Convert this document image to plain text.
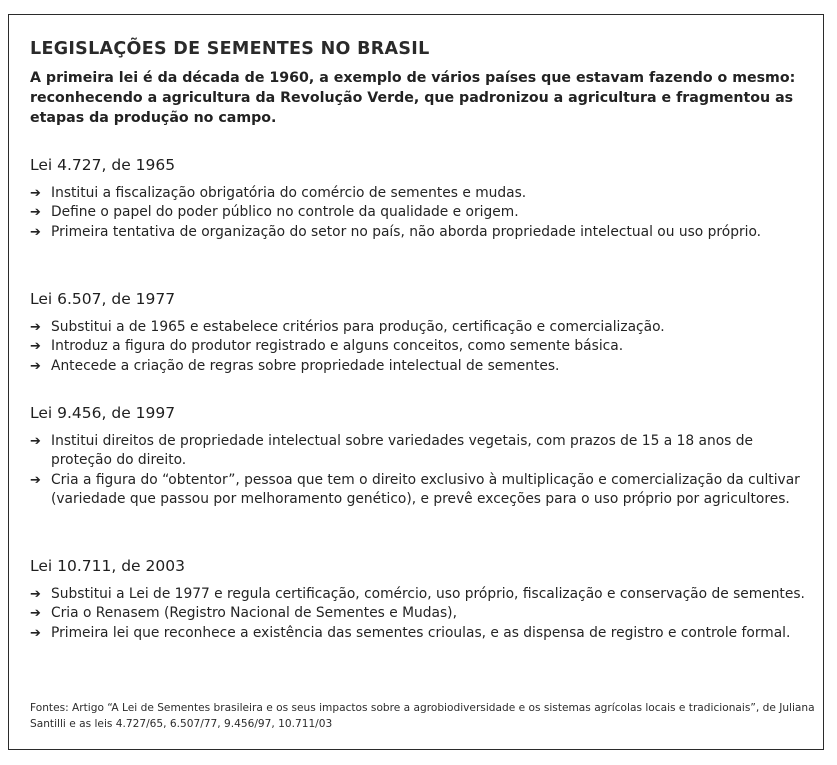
LEGISLAÇÕES DE SEMENTES NO BRASIL

A primeira lei é da década de 1960, a exemplo de vários países que estavam fazendo o mesmo: reconhecendo a agricultura da Revolução Verde, que padronizou a agricultura e fragmentou as etapas da produção no campo.

Lei 4.727, de 1965
➔ Institui a fiscalização obrigatória do comércio de sementes e mudas.
➔ Define o papel do poder público no controle da qualidade e origem.
➔ Primeira tentativa de organização do setor no país, não aborda propriedade intelectual ou uso próprio.
Lei 6.507, de 1977
➔ Substitui a de 1965 e estabelece critérios para produção, certificação e comercialização.
➔ Introduz a figura do produtor registrado e alguns conceitos, como semente básica.
➔ Antecede a criação de regras sobre propriedade intelectual de sementes.
Lei 9.456, de 1997
➔ Institui direitos de propriedade intelectual sobre variedades vegetais, com prazos de 15 a 18 anos de proteção do direito.
➔ Cria a figura do “obtentor”, pessoa que tem o direito exclusivo à multiplicação e comercialização da cultivar (variedade que passou por melhoramento genético), e prevê exceções para o uso próprio por agricultores.
Lei 10.711, de 2003
➔ Substitui a Lei de 1977 e regula certificação, comércio, uso próprio, fiscalização e conservação de sementes.
➔ Cria o Renasem (Registro Nacional de Sementes e Mudas),
➔ Primeira lei que reconhece a existência das sementes crioulas, e as dispensa de registro e controle formal.

Fontes: Artigo “A Lei de Sementes brasileira e os seus impactos sobre a agrobiodiversidade e os sistemas agrícolas locais e tradicionais”, de Juliana Santilli e as leis 4.727/65, 6.507/77, 9.456/97, 10.711/03
